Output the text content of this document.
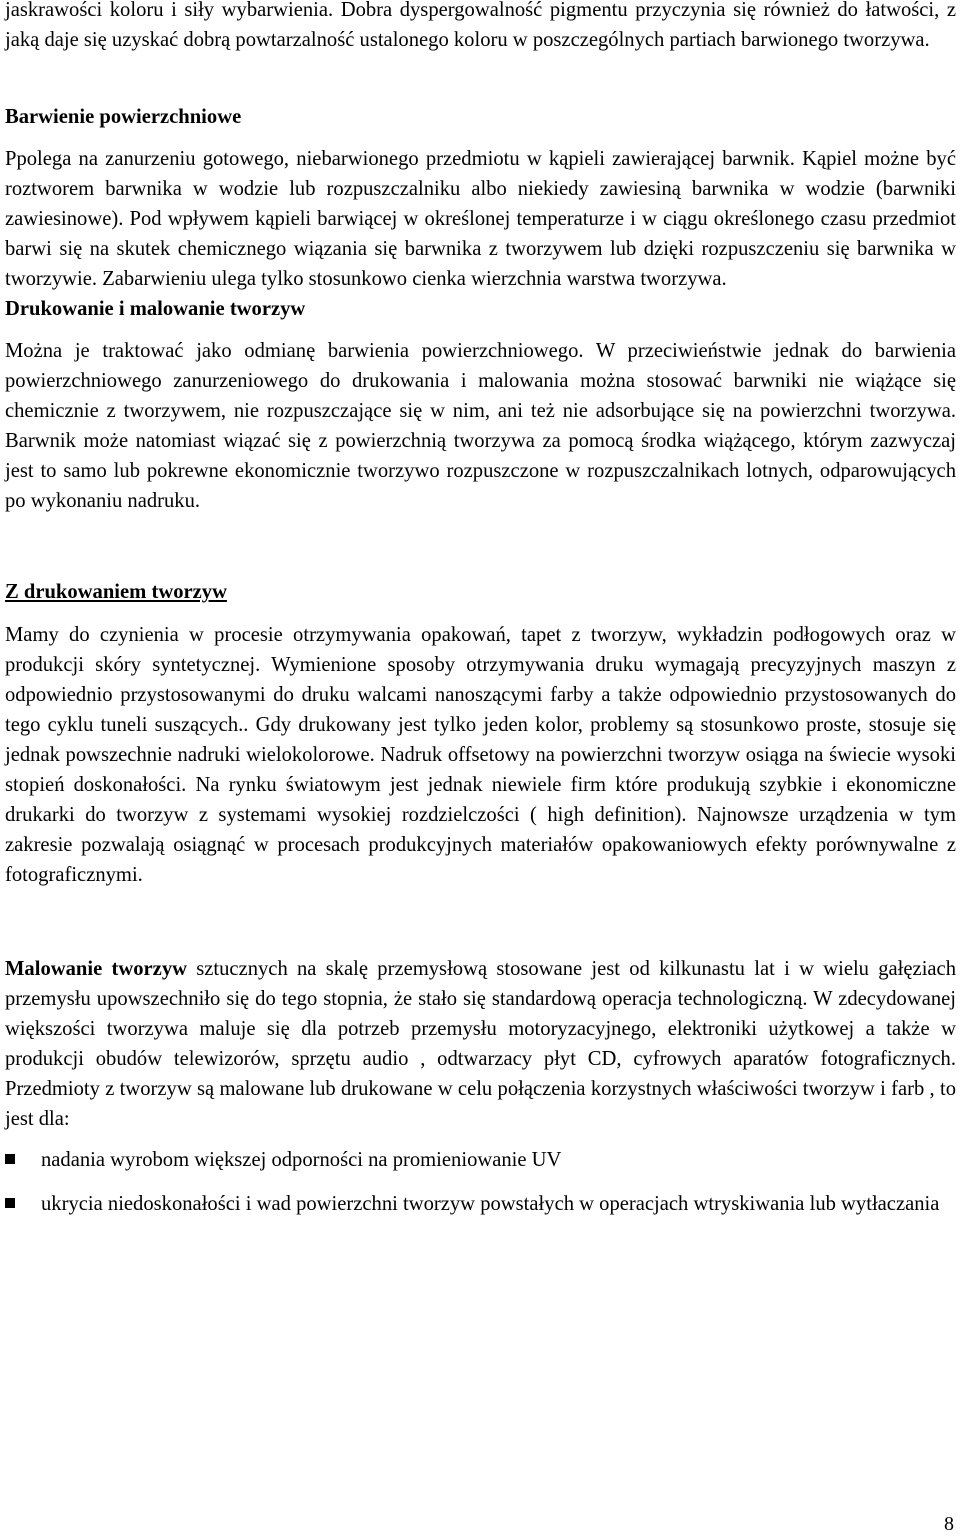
jaskrawości koloru i siły wybarwienia. Dobra dyspergowalność pigmentu przyczynia się również do łatwości, z jaką daje się uzyskać dobrą powtarzalność ustalonego koloru w poszczególnych partiach barwionego tworzywa.

Barwienie powierzchniowe

Ppolega na zanurzeniu gotowego, niebarwionego przedmiotu w kąpieli zawierającej barwnik. Kąpiel możne być roztworem barwnika w wodzie lub rozpuszczalniku albo niekiedy zawiesiną barwnika w wodzie (barwniki zawiesinowe). Pod wpływem kąpieli barwiącej w określonej temperaturze i w ciągu określonego czasu przedmiot barwi się na skutek chemicznego wiązania się barwnika z tworzywem lub dzięki rozpuszczeniu się barwnika w tworzywie. Zabarwieniu ulega tylko stosunkowo cienka wierzchnia warstwa tworzywa.

Drukowanie i malowanie tworzyw

Można je traktować jako odmianę barwienia powierzchniowego. W przeciwieństwie jednak do barwienia powierzchniowego zanurzeniowego do drukowania i malowania można stosować barwniki nie wiążące się chemicznie z tworzywem, nie rozpuszczające się w nim, ani też nie adsorbujące się na powierzchni tworzywa. Barwnik może natomiast wiązać się z powierzchnią tworzywa za pomocą środka wiążącego, którym zazwyczaj jest to samo lub pokrewne ekonomicznie tworzywo rozpuszczone w rozpuszczalnikach lotnych, odparowujących po wykonaniu nadruku.

Z drukowaniem tworzyw

Mamy do czynienia w procesie otrzymywania opakowań, tapet z tworzyw, wykładzin podłogowych oraz w produkcji skóry syntetycznej. Wymienione sposoby otrzymywania druku wymagają precyzyjnych maszyn z odpowiednio przystosowanymi do druku walcami nanoszącymi farby a także odpowiednio przystosowanych do tego cyklu tuneli suszących.. Gdy drukowany jest tylko jeden kolor, problemy są stosunkowo proste, stosuje się jednak powszechnie nadruki wielokolorowe. Nadruk offsetowy na powierzchni tworzyw osiąga na świecie wysoki stopień doskonałości. Na rynku światowym jest jednak niewiele firm które produkują szybkie i ekonomiczne drukarki do tworzyw z systemami wysokiej rozdzielczości ( high definition). Najnowsze urządzenia w tym zakresie pozwalają osiągnąć w procesach produkcyjnych materiałów opakowaniowych efekty porównywalne z fotograficznymi.

Malowanie tworzyw sztucznych na skalę przemysłową stosowane jest od kilkunastu lat i w wielu gałęziach przemysłu upowszechniło się do tego stopnia, że stało się standardową operacja technologiczną. W zdecydowanej większości tworzywa maluje się dla potrzeb przemysłu motoryzacyjnego, elektroniki użytkowej a także w produkcji obudów telewizorów, sprzętu audio , odtwarzacy płyt CD, cyfrowych aparatów fotograficznych. Przedmioty z tworzyw są malowane lub drukowane w celu połączenia korzystnych właściwości tworzyw i farb , to jest dla:

nadania wyrobom większej odporności na promieniowanie UV
ukrycia niedoskonałości i wad powierzchni tworzyw powstałych w operacjach wtryskiwania lub wytłaczania
8
